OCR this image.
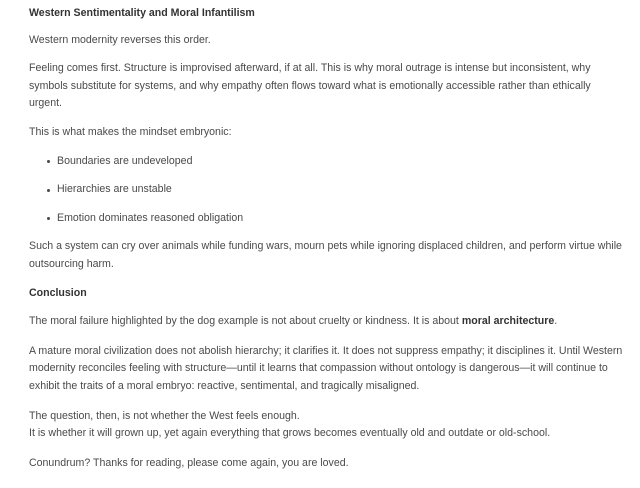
Western Sentimentality and Moral Infantilism

Western modernity reverses this order.

Feeling comes first. Structure is improvised afterward, if at all. This is why moral outrage is intense but inconsistent, why symbols substitute for systems, and why empathy often flows toward what is emotionally accessible rather than ethically urgent.

This is what makes the mindset embryonic:

Boundaries are undeveloped
Hierarchies are unstable
Emotion dominates reasoned obligation

Such a system can cry over animals while funding wars, mourn pets while ignoring displaced children, and perform virtue while outsourcing harm.

Conclusion

The moral failure highlighted by the dog example is not about cruelty or kindness. It is about moral architecture.

A mature moral civilization does not abolish hierarchy; it clarifies it. It does not suppress empathy; it disciplines it. Until Western modernity reconciles feeling with structure—until it learns that compassion without ontology is dangerous—it will continue to exhibit the traits of a moral embryo: reactive, sentimental, and tragically misaligned.

The question, then, is not whether the West feels enough.
It is whether it will grown up, yet again everything that grows becomes eventually old and outdate or old-school.

Conundrum? Thanks for reading, please come again, you are loved.
